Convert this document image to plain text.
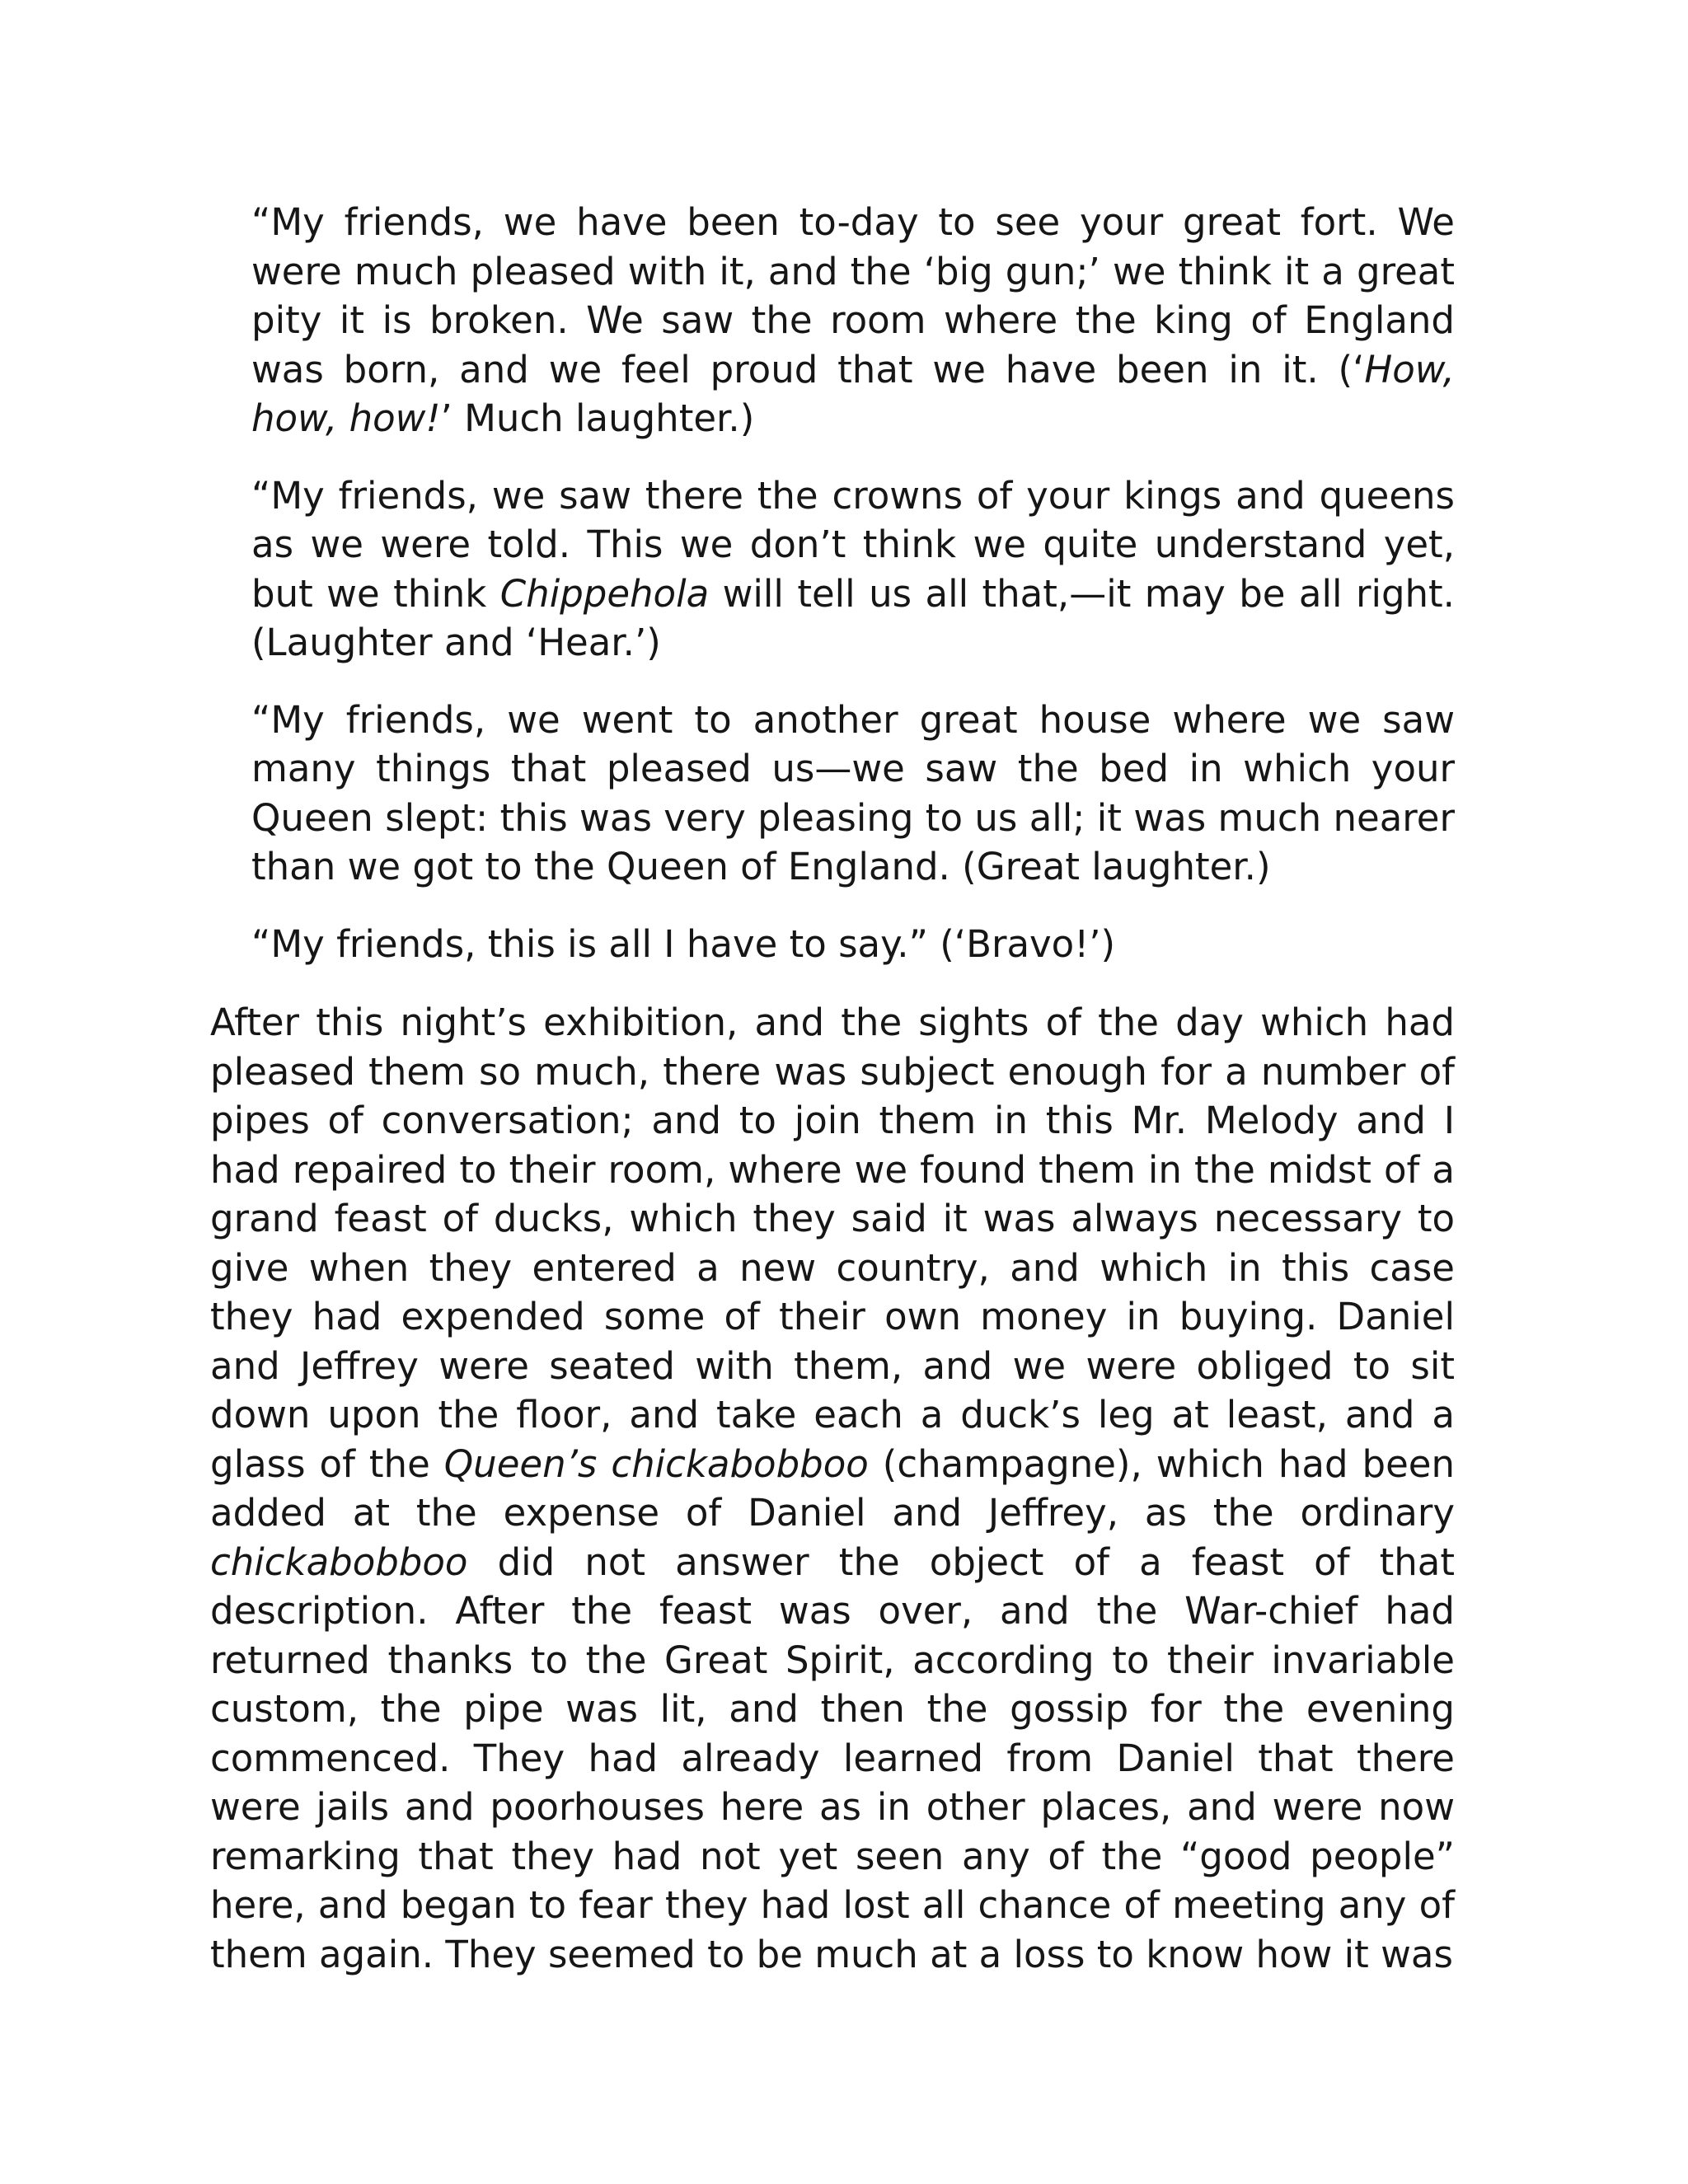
“My friends, we have been to-day to see your great fort. We were much pleased with it, and the ‘big gun;’ we think it a great pity it is broken. We saw the room where the king of England was born, and we feel proud that we have been in it. (‘How, how, how!’ Much laughter.)

“My friends, we saw there the crowns of your kings and queens as we were told. This we don’t think we quite understand yet, but we think Chippehola will tell us all that,—it may be all right. (Laughter and ‘Hear.’)

“My friends, we went to another great house where we saw many things that pleased us—we saw the bed in which your Queen slept: this was very pleasing to us all; it was much nearer than we got to the Queen of England. (Great laughter.)

“My friends, this is all I have to say.” (‘Bravo!’)

After this night’s exhibition, and the sights of the day which had pleased them so much, there was subject enough for a number of pipes of conversation; and to join them in this Mr. Melody and I had repaired to their room, where we found them in the midst of a grand feast of ducks, which they said it was always necessary to give when they entered a new country, and which in this case they had expended some of their own money in buying. Daniel and Jeffrey were seated with them, and we were obliged to sit down upon the floor, and take each a duck’s leg at least, and a glass of the Queen’s chickabobboo (champagne), which had been added at the expense of Daniel and Jeffrey, as the ordinary chickabobboo did not answer the object of a feast of that description. After the feast was over, and the War-chief had returned thanks to the Great Spirit, according to their invariable custom, the pipe was lit, and then the gossip for the evening commenced. They had already learned from Daniel that there were jails and poorhouses here as in other places, and were now remarking that they had not yet seen any of the “good people” here, and began to fear they had lost all chance of meeting any of them again. They seemed to be much at a loss to know how it was
